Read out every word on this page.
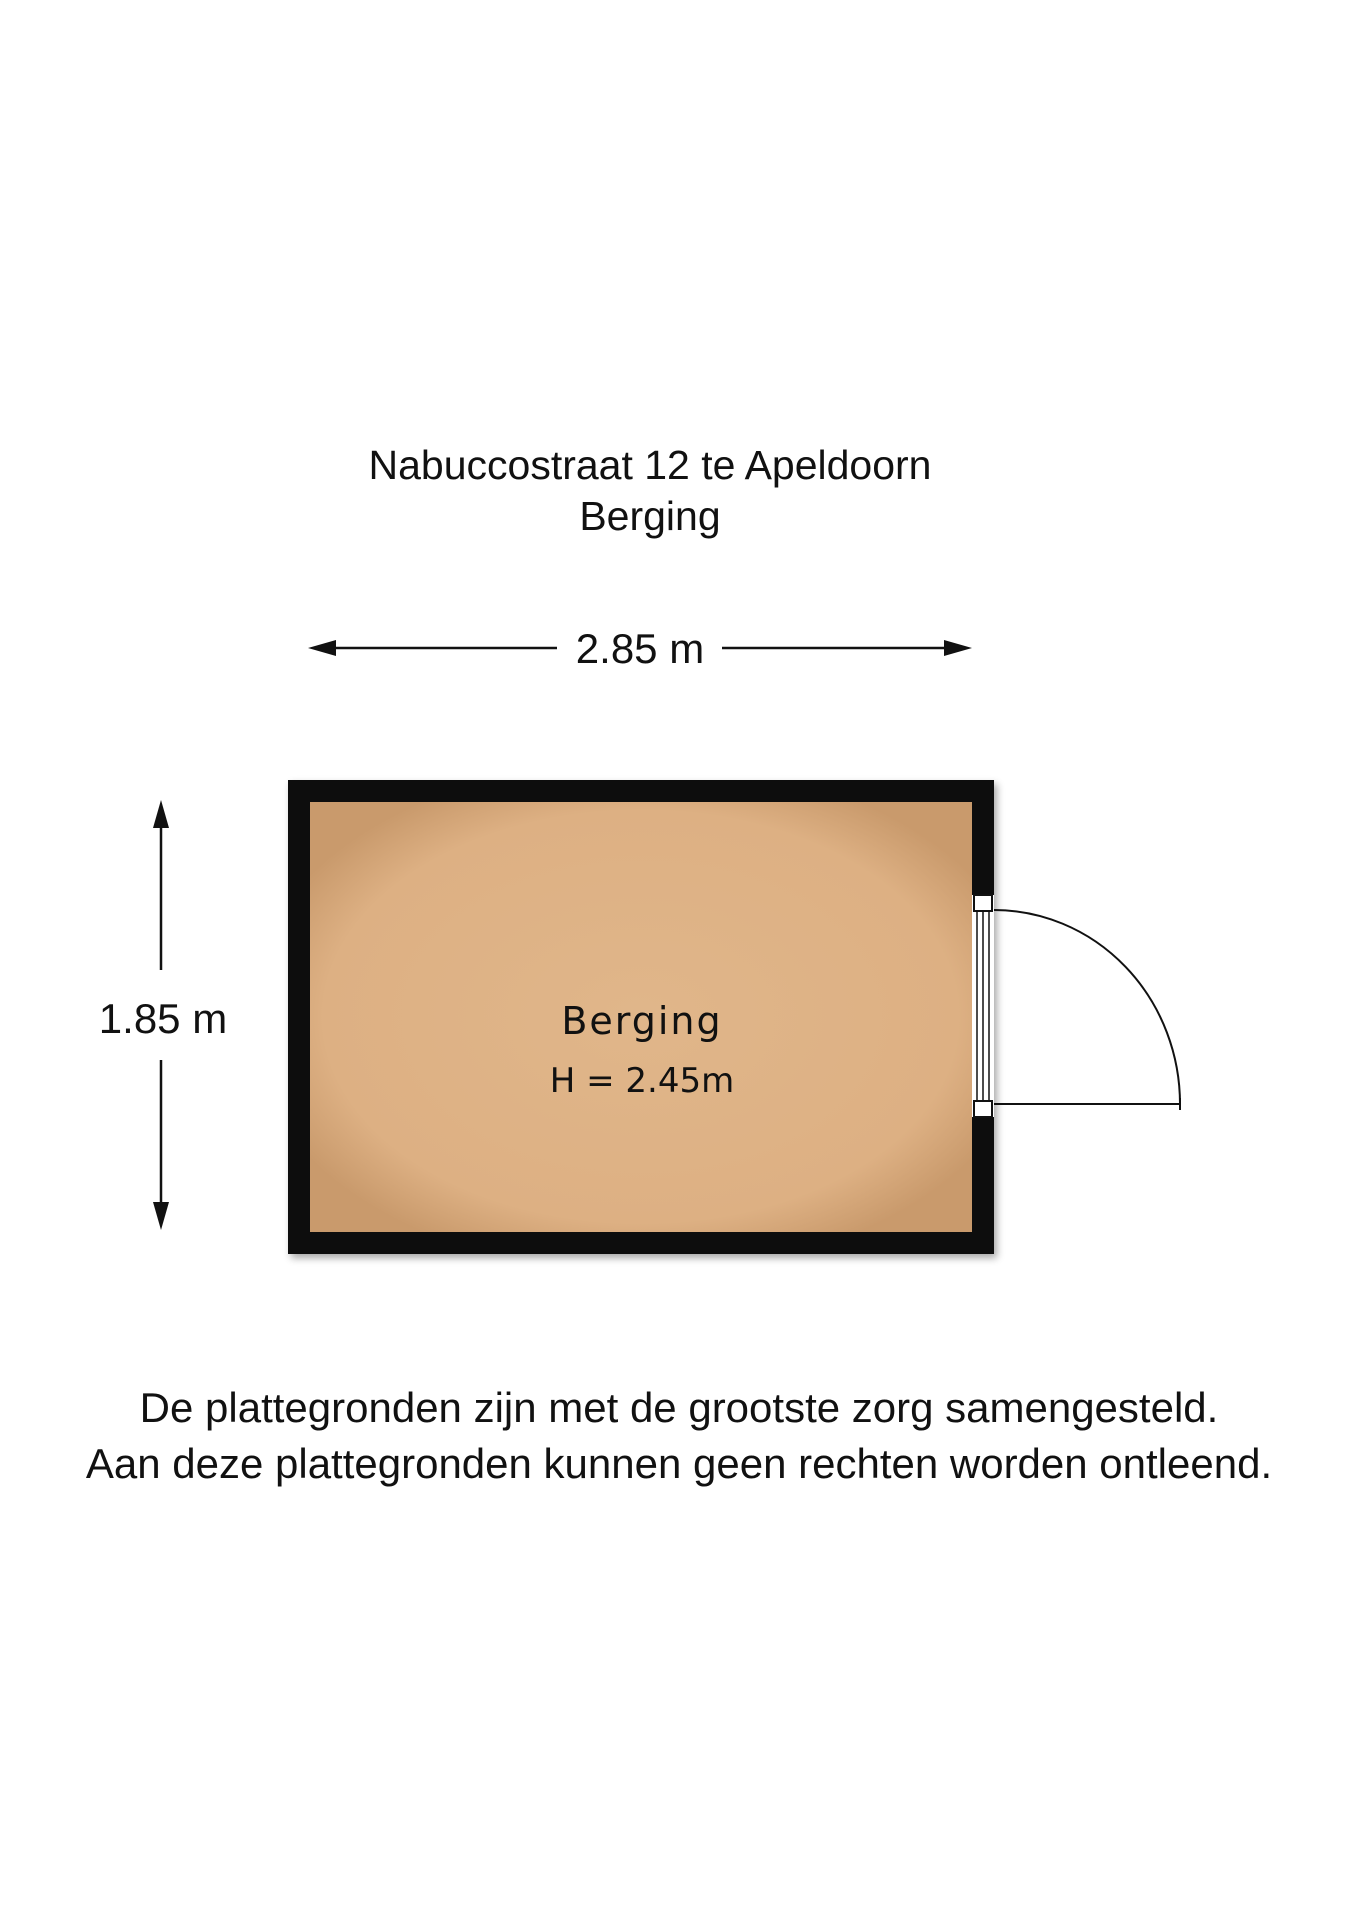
Nabuccostraat 12 te Apeldoorn
Berging
2.85 m
1.85 m	Berging
H = 2.45m
De plattegronden zijn met de grootste zorg samengesteld.
Aan deze plattegronden kunnen geen rechten worden ontleend.
